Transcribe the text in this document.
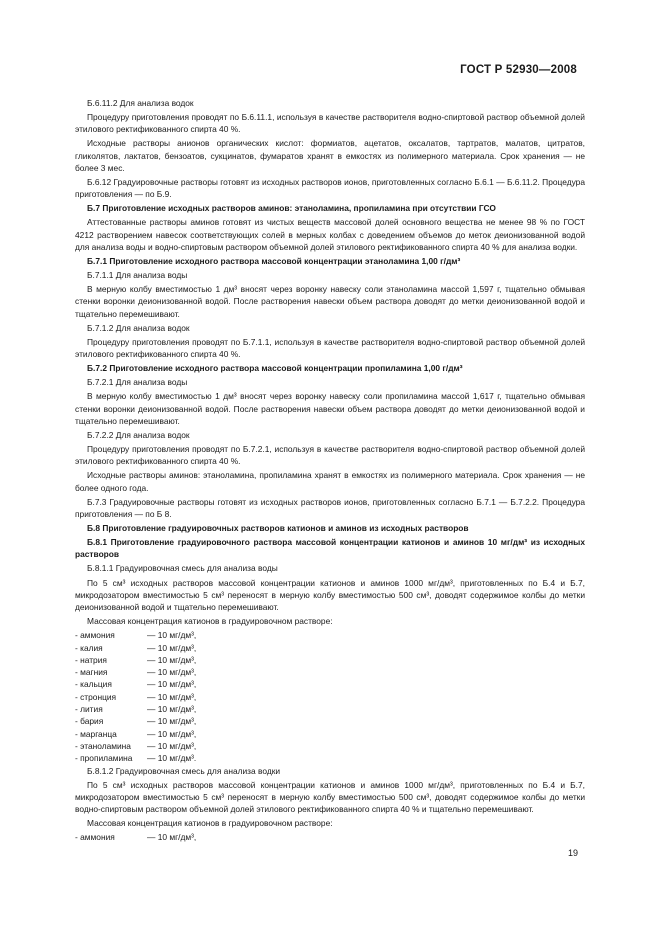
ГОСТ Р 52930—2008

Б.6.11.2 Для анализа водок

Процедуру приготовления проводят по Б.6.11.1, используя в качестве растворителя водно-спиртовой раствор объемной долей этилового ректификованного спирта 40 %.

Исходные растворы анионов органических кислот: формиатов, ацетатов, оксалатов, тартратов, малатов, цитратов, гликолятов, лактатов, бензоатов, сукцинатов, фумаратов хранят в емкостях из полимерного материала. Срок хранения — не более 3 мес.

Б.6.12 Градуировочные растворы готовят из исходных растворов ионов, приготовленных согласно Б.6.1 — Б.6.11.2. Процедура приготовления — по Б.9.

Б.7 Приготовление исходных растворов аминов: этаноламина, пропиламина при отсутствии ГСО

Аттестованные растворы аминов готовят из чистых веществ массовой долей основного вещества не менее 98 % по ГОСТ 4212 растворением навесок соответствующих солей в мерных колбах с доведением объемов до меток деионизованной водой для анализа воды и водно-спиртовым раствором объемной долей этилового ректификованного спирта 40 % для анализа водки.

Б.7.1 Приготовление исходного раствора массовой концентрации этаноламина 1,00 г/дм³

Б.7.1.1 Для анализа воды

В мерную колбу вместимостью 1 дм³ вносят через воронку навеску соли этаноламина массой 1,597 г, тщательно обмывая стенки воронки деионизованной водой. После растворения навески объем раствора доводят до метки деионизованной водой и тщательно перемешивают.

Б.7.1.2 Для анализа водок

Процедуру приготовления проводят по Б.7.1.1, используя в качестве растворителя водно-спиртовой раствор объемной долей этилового ректификованного спирта 40 %.

Б.7.2 Приготовление исходного раствора массовой концентрации пропиламина 1,00 г/дм³

Б.7.2.1 Для анализа воды

В мерную колбу вместимостью 1 дм³ вносят через воронку навеску соли пропиламина массой 1,617 г, тщательно обмывая стенки воронки деионизованной водой. После растворения навески объем раствора доводят до метки деионизованной водой и тщательно перемешивают.

Б.7.2.2 Для анализа водок

Процедуру приготовления проводят по Б.7.2.1, используя в качестве растворителя водно-спиртовой раствор объемной долей этилового ректификованного спирта 40 %.

Исходные растворы аминов: этаноламина, пропиламина хранят в емкостях из полимерного материала. Срок хранения — не более одного года.

Б.7.3 Градуировочные растворы готовят из исходных растворов ионов, приготовленных согласно Б.7.1 — Б.7.2.2. Процедура приготовления — по Б 8.

Б.8 Приготовление градуировочных растворов катионов и аминов из исходных растворов

Б.8.1 Приготовление градуировочного раствора массовой концентрации катионов и аминов 10 мг/дм³ из исходных растворов

Б.8.1.1 Градуировочная смесь для анализа воды

По 5 см³ исходных растворов массовой концентрации катионов и аминов 1000 мг/дм³, приготовленных по Б.4 и Б.7, микродозатором вместимостью 5 см³ переносят в мерную колбу вместимостью 500 см³, доводят содержимое колбы до метки деионизованной водой и тщательно перемешивают.

Массовая концентрация катионов в градуировочном растворе:

- аммония	— 10 мг/дм³,
- калия	— 10 мг/дм³,
- натрия	— 10 мг/дм³,
- магния	— 10 мг/дм³,
- кальция	— 10 мг/дм³,
- стронция	— 10 мг/дм³,
- лития	— 10 мг/дм³,
- бария	— 10 мг/дм³,
- марганца	— 10 мг/дм³,
- этаноламина	— 10 мг/дм³,
- пропиламина	— 10 мг/дм³.

Б.8.1.2 Градуировочная смесь для анализа водки

По 5 см³ исходных растворов массовой концентрации катионов и аминов 1000 мг/дм³, приготовленных по Б.4 и Б.7, микродозатором вместимостью 5 см³ переносят в мерную колбу вместимостью 500 см³, доводят содержимое колбы до метки водно-спиртовым раствором объемной долей этилового ректификованного спирта 40 % и тщательно перемешивают.

Массовая концентрация катионов в градуировочном растворе:

- аммония	— 10 мг/дм³,
19
